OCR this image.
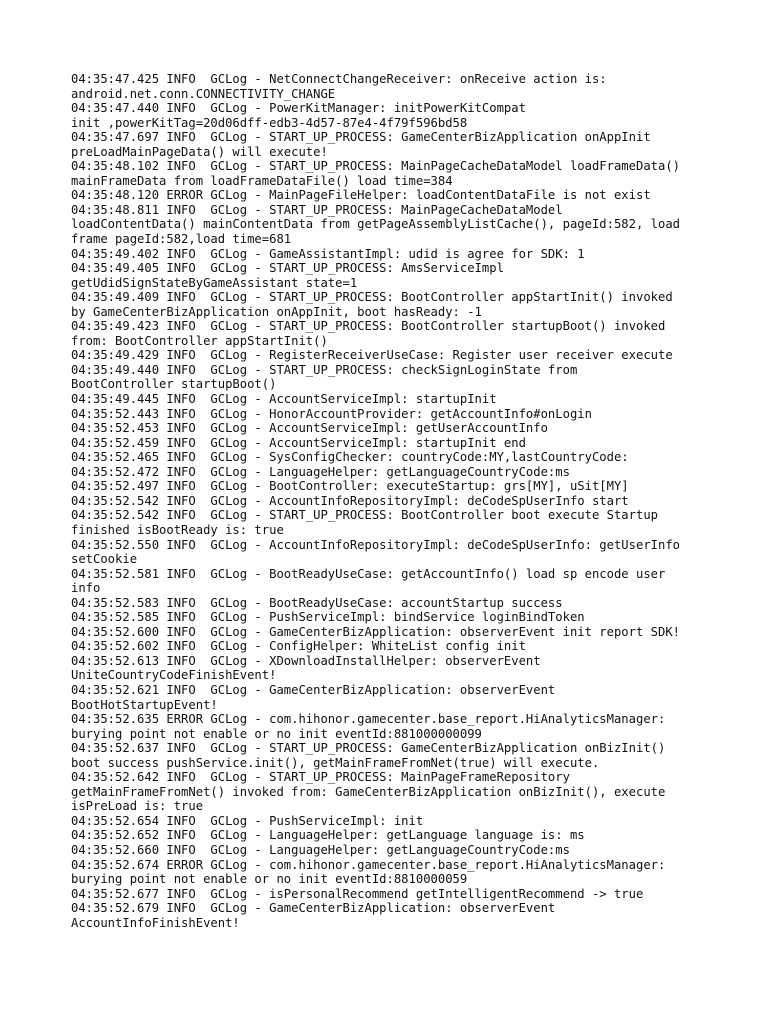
04:35:47.425 INFO  GCLog - NetConnectChangeReceiver: onReceive action is:
android.net.conn.CONNECTIVITY_CHANGE
04:35:47.440 INFO  GCLog - PowerKitManager: initPowerKitCompat
init ,powerKitTag=20d06dff-edb3-4d57-87e4-4f79f596bd58
04:35:47.697 INFO  GCLog - START_UP_PROCESS: GameCenterBizApplication onAppInit
preLoadMainPageData() will execute!
04:35:48.102 INFO  GCLog - START_UP_PROCESS: MainPageCacheDataModel loadFrameData()
mainFrameData from loadFrameDataFile() load time=384
04:35:48.120 ERROR GCLog - MainPageFileHelper: loadContentDataFile is not exist
04:35:48.811 INFO  GCLog - START_UP_PROCESS: MainPageCacheDataModel
loadContentData() mainContentData from getPageAssemblyListCache(), pageId:582, load
frame pageId:582,load time=681
04:35:49.402 INFO  GCLog - GameAssistantImpl: udid is agree for SDK: 1
04:35:49.405 INFO  GCLog - START_UP_PROCESS: AmsServiceImpl
getUdidSignStateByGameAssistant state=1
04:35:49.409 INFO  GCLog - START_UP_PROCESS: BootController appStartInit() invoked
by GameCenterBizApplication onAppInit, boot hasReady: -1
04:35:49.423 INFO  GCLog - START_UP_PROCESS: BootController startupBoot() invoked
from: BootController appStartInit()
04:35:49.429 INFO  GCLog - RegisterReceiverUseCase: Register user receiver execute
04:35:49.440 INFO  GCLog - START_UP_PROCESS: checkSignLoginState from
BootController startupBoot()
04:35:49.445 INFO  GCLog - AccountServiceImpl: startupInit
04:35:52.443 INFO  GCLog - HonorAccountProvider: getAccountInfo#onLogin
04:35:52.453 INFO  GCLog - AccountServiceImpl: getUserAccountInfo
04:35:52.459 INFO  GCLog - AccountServiceImpl: startupInit end
04:35:52.465 INFO  GCLog - SysConfigChecker: countryCode:MY,lastCountryCode:
04:35:52.472 INFO  GCLog - LanguageHelper: getLanguageCountryCode:ms
04:35:52.497 INFO  GCLog - BootController: executeStartup: grs[MY], uSit[MY]
04:35:52.542 INFO  GCLog - AccountInfoRepositoryImpl: deCodeSpUserInfo start
04:35:52.542 INFO  GCLog - START_UP_PROCESS: BootController boot execute Startup
finished isBootReady is: true
04:35:52.550 INFO  GCLog - AccountInfoRepositoryImpl: deCodeSpUserInfo: getUserInfo
setCookie
04:35:52.581 INFO  GCLog - BootReadyUseCase: getAccountInfo() load sp encode user
info
04:35:52.583 INFO  GCLog - BootReadyUseCase: accountStartup success
04:35:52.585 INFO  GCLog - PushServiceImpl: bindService loginBindToken
04:35:52.600 INFO  GCLog - GameCenterBizApplication: observerEvent init report SDK!
04:35:52.602 INFO  GCLog - ConfigHelper: WhiteList config init
04:35:52.613 INFO  GCLog - XDownloadInstallHelper: observerEvent
UniteCountryCodeFinishEvent!
04:35:52.621 INFO  GCLog - GameCenterBizApplication: observerEvent
BootHotStartupEvent!
04:35:52.635 ERROR GCLog - com.hihonor.gamecenter.base_report.HiAnalyticsManager:
burying point not enable or no init eventId:881000000099
04:35:52.637 INFO  GCLog - START_UP_PROCESS: GameCenterBizApplication onBizInit()
boot success pushService.init(), getMainFrameFromNet(true) will execute.
04:35:52.642 INFO  GCLog - START_UP_PROCESS: MainPageFrameRepository
getMainFrameFromNet() invoked from: GameCenterBizApplication onBizInit(), execute
isPreLoad is: true
04:35:52.654 INFO  GCLog - PushServiceImpl: init
04:35:52.652 INFO  GCLog - LanguageHelper: getLanguage language is: ms
04:35:52.660 INFO  GCLog - LanguageHelper: getLanguageCountryCode:ms
04:35:52.674 ERROR GCLog - com.hihonor.gamecenter.base_report.HiAnalyticsManager:
burying point not enable or no init eventId:8810000059
04:35:52.677 INFO  GCLog - isPersonalRecommend getIntelligentRecommend -> true
04:35:52.679 INFO  GCLog - GameCenterBizApplication: observerEvent
AccountInfoFinishEvent!
